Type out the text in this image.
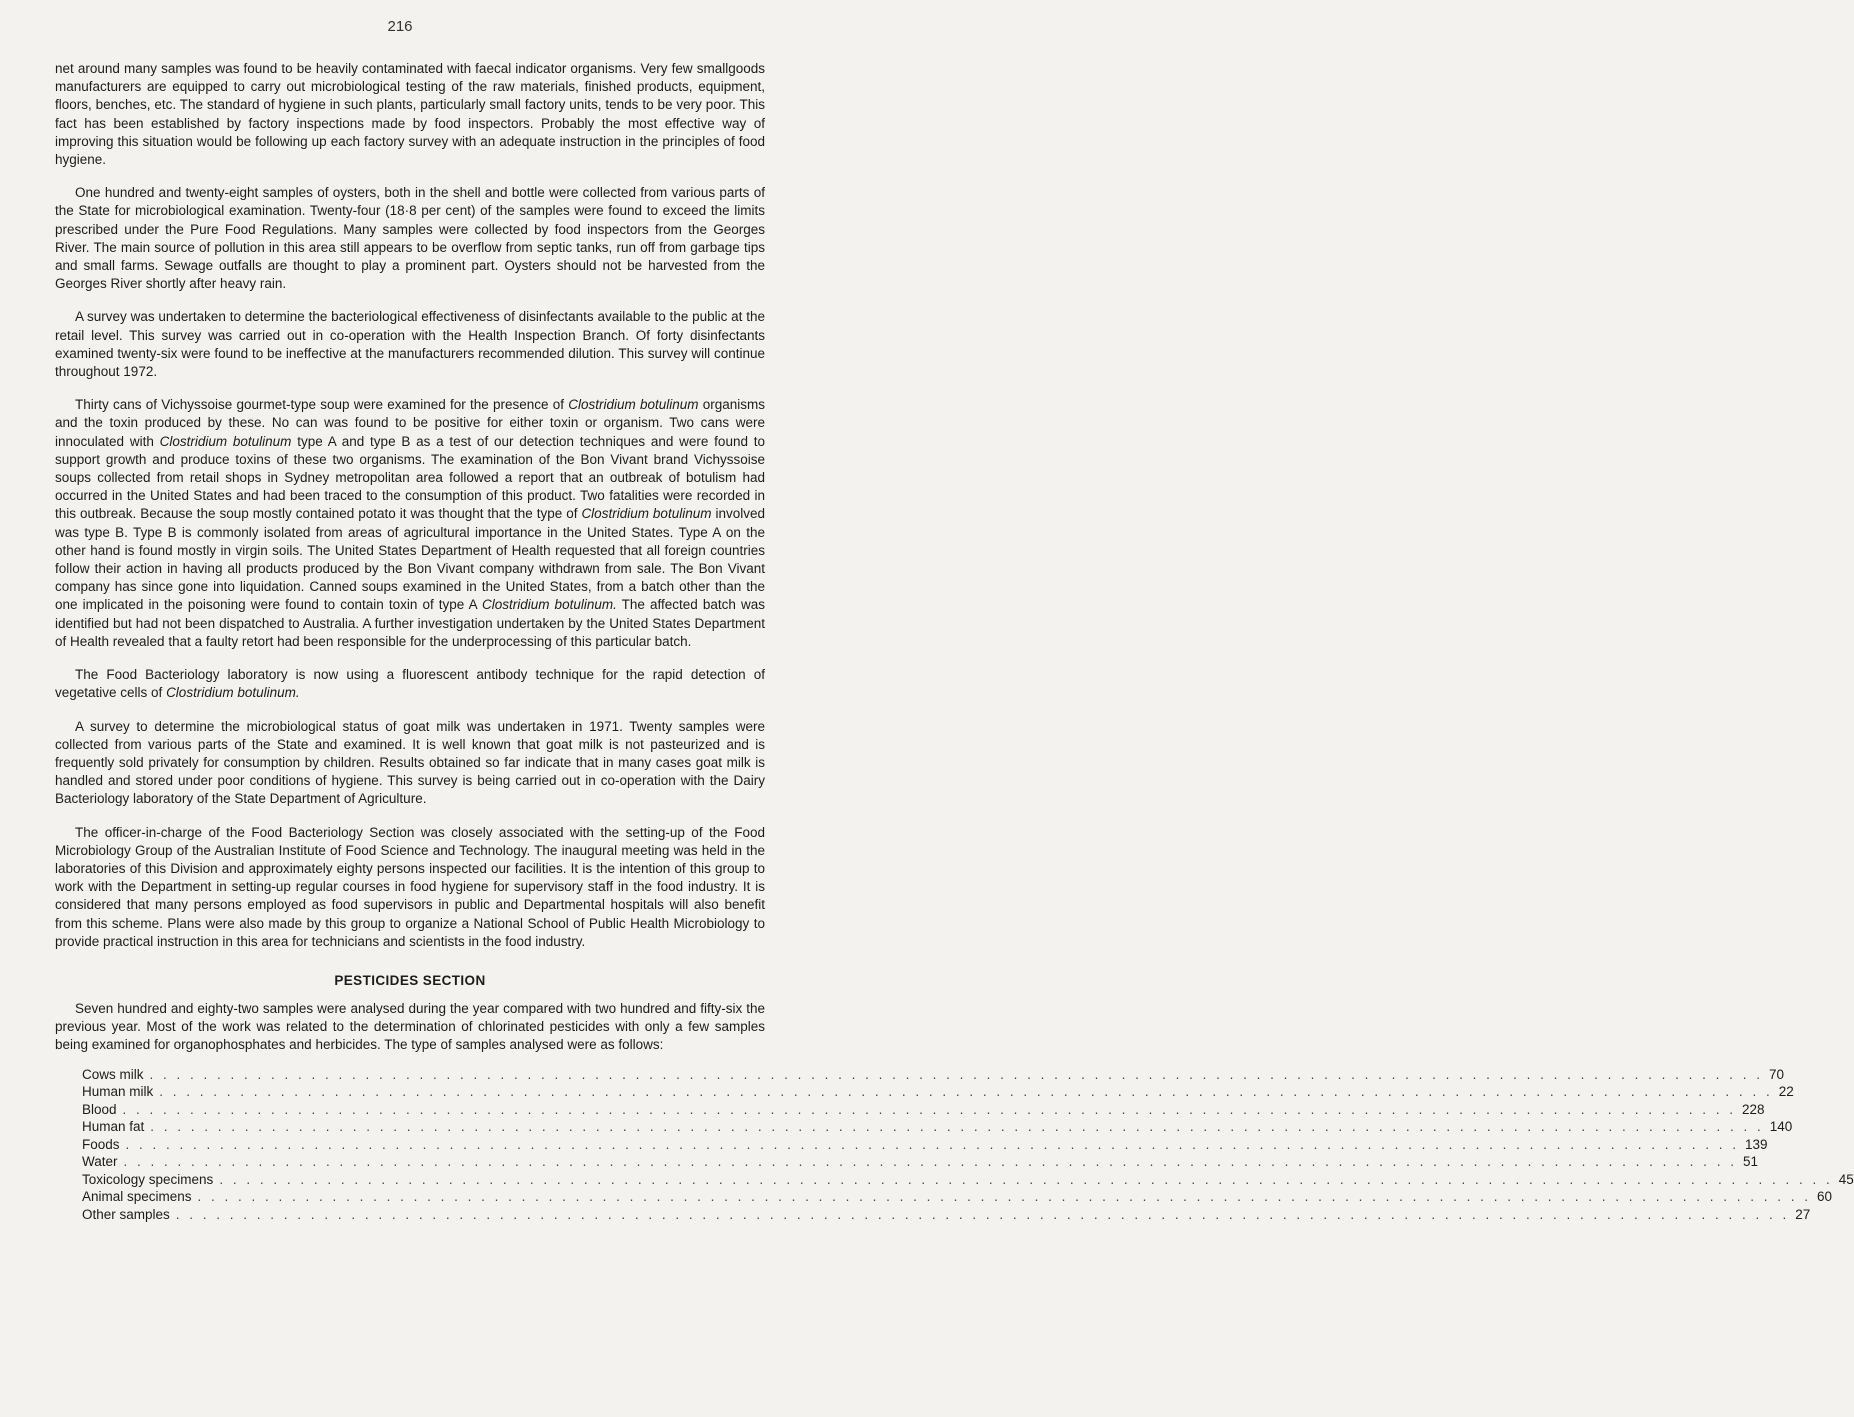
216

net around many samples was found to be heavily contaminated with faecal indicator organisms. Very few smallgoods manufacturers are equipped to carry out microbiological testing of the raw materials, finished products, equipment, floors, benches, etc. The standard of hygiene in such plants, particularly small factory units, tends to be very poor. This fact has been established by factory inspections made by food inspectors. Probably the most effective way of improving this situation would be following up each factory survey with an adequate instruction in the principles of food hygiene.

One hundred and twenty-eight samples of oysters, both in the shell and bottle were collected from various parts of the State for microbiological examination. Twenty-four (18·8 per cent) of the samples were found to exceed the limits prescribed under the Pure Food Regulations. Many samples were collected by food inspectors from the Georges River. The main source of pollution in this area still appears to be overflow from septic tanks, run off from garbage tips and small farms. Sewage outfalls are thought to play a prominent part. Oysters should not be harvested from the Georges River shortly after heavy rain.

A survey was undertaken to determine the bacteriological effectiveness of disinfectants available to the public at the retail level. This survey was carried out in co-operation with the Health Inspection Branch. Of forty disinfectants examined twenty-six were found to be ineffective at the manufacturers recommended dilution. This survey will continue throughout 1972.

Thirty cans of Vichyssoise gourmet-type soup were examined for the presence of Clostridium botulinum organisms and the toxin produced by these. No can was found to be positive for either toxin or organism. Two cans were innoculated with Clostridium botulinum type A and type B as a test of our detection techniques and were found to support growth and produce toxins of these two organisms. The examination of the Bon Vivant brand Vichyssoise soups collected from retail shops in Sydney metropolitan area followed a report that an outbreak of botulism had occurred in the United States and had been traced to the consumption of this product. Two fatalities were recorded in this outbreak. Because the soup mostly contained potato it was thought that the type of Clostridium botulinum involved was type B. Type B is commonly isolated from areas of agricultural importance in the United States. Type A on the other hand is found mostly in virgin soils. The United States Department of Health requested that all foreign countries follow their action in having all products produced by the Bon Vivant company withdrawn from sale. The Bon Vivant company has since gone into liquidation. Canned soups examined in the United States, from a batch other than the one implicated in the poisoning were found to contain toxin of type A Clostridium botulinum. The affected batch was identified but had not been dispatched to Australia. A further investigation undertaken by the United States Department of Health revealed that a faulty retort had been responsible for the underprocessing of this particular batch.

The Food Bacteriology laboratory is now using a fluorescent antibody technique for the rapid detection of vegetative cells of Clostridium botulinum.

A survey to determine the microbiological status of goat milk was undertaken in 1971. Twenty samples were collected from various parts of the State and examined. It is well known that goat milk is not pasteurized and is frequently sold privately for consumption by children. Results obtained so far indicate that in many cases goat milk is handled and stored under poor conditions of hygiene. This survey is being carried out in co-operation with the Dairy Bacteriology laboratory of the State Department of Agriculture.

The officer-in-charge of the Food Bacteriology Section was closely associated with the setting-up of the Food Microbiology Group of the Australian Institute of Food Science and Technology. The inaugural meeting was held in the laboratories of this Division and approximately eighty persons inspected our facilities. It is the intention of this group to work with the Department in setting-up regular courses in food hygiene for supervisory staff in the food industry. It is considered that many persons employed as food supervisors in public and Departmental hospitals will also benefit from this scheme. Plans were also made by this group to organize a National School of Public Health Microbiology to provide practical instruction in this area for technicians and scientists in the food industry.

PESTICIDES SECTION

Seven hundred and eighty-two samples were analysed during the year compared with two hundred and fifty-six the previous year. Most of the work was related to the determination of chlorinated pesticides with only a few samples being examined for organophosphates and herbicides. The type of samples analysed were as follows:

Cows milk . . . . . . . . . . . . . . . . . . . . . . . . . . . . . . . . . . . . . . . . . . . . . . . . . . . . . . . . . . . . . . . . . . . . . . . . . . . . . . . . . . . . . . . . . . . . . . . . . . . . . . . . . . . . . . . . . . . . . . . . 70
Human milk . . . . . . . . . . . . . . . . . . . . . . . . . . . . . . . . . . . . . . . . . . . . . . . . . . . . . . . . . . . . . . . . . . . . . . . . . . . . . . . . . . . . . . . . . . . . . . . . . . . . . . . . . . . . . . . . . . . . . . . . 22
Blood . . . . . . . . . . . . . . . . . . . . . . . . . . . . . . . . . . . . . . . . . . . . . . . . . . . . . . . . . . . . . . . . . . . . . . . . . . . . . . . . . . . . . . . . . . . . . . . . . . . . . . . . . . . . . . . . . . . . . . . . 228
Human fat . . . . . . . . . . . . . . . . . . . . . . . . . . . . . . . . . . . . . . . . . . . . . . . . . . . . . . . . . . . . . . . . . . . . . . . . . . . . . . . . . . . . . . . . . . . . . . . . . . . . . . . . . . . . . . . . . . . . . . . . 140
Foods . . . . . . . . . . . . . . . . . . . . . . . . . . . . . . . . . . . . . . . . . . . . . . . . . . . . . . . . . . . . . . . . . . . . . . . . . . . . . . . . . . . . . . . . . . . . . . . . . . . . . . . . . . . . . . . . . . . . . . . . 139
Water . . . . . . . . . . . . . . . . . . . . . . . . . . . . . . . . . . . . . . . . . . . . . . . . . . . . . . . . . . . . . . . . . . . . . . . . . . . . . . . . . . . . . . . . . . . . . . . . . . . . . . . . . . . . . . . . . . . . . . . . 51
Toxicology specimens . . . . . . . . . . . . . . . . . . . . . . . . . . . . . . . . . . . . . . . . . . . . . . . . . . . . . . . . . . . . . . . . . . . . . . . . . . . . . . . . . . . . . . . . . . . . . . . . . . . . . . . . . . . . . . . . . . . . . . . . 45
Animal specimens . . . . . . . . . . . . . . . . . . . . . . . . . . . . . . . . . . . . . . . . . . . . . . . . . . . . . . . . . . . . . . . . . . . . . . . . . . . . . . . . . . . . . . . . . . . . . . . . . . . . . . . . . . . . . . . . . . . . . . . . 60
Other samples . . . . . . . . . . . . . . . . . . . . . . . . . . . . . . . . . . . . . . . . . . . . . . . . . . . . . . . . . . . . . . . . . . . . . . . . . . . . . . . . . . . . . . . . . . . . . . . . . . . . . . . . . . . . . . . . . . . . . . . . 27
